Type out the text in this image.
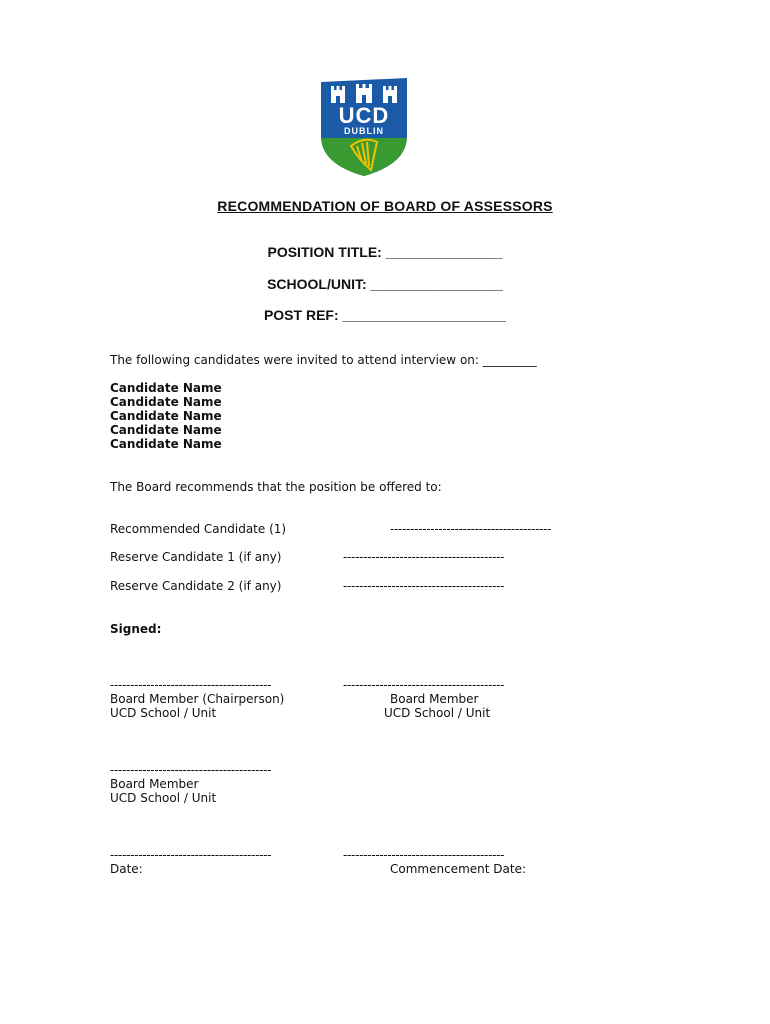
UCD
DUBLIN
RECOMMENDATION OF BOARD OF ASSESSORS
POSITION TITLE: _______________
SCHOOL/UNIT: _________________
POST REF: _____________________
The following candidates were invited to attend interview on: _________
Candidate Name
Candidate Name
Candidate Name
Candidate Name
Candidate Name
The Board recommends that the position be offered to:
Recommended Candidate (1)	----------------------------------------
Reserve Candidate 1 (if any)	----------------------------------------
Reserve Candidate 2 (if any)	----------------------------------------
Signed:
----------------------------------------
Board Member (Chairperson)
UCD School / Unit
----------------------------------------
Board Member
UCD School / Unit
----------------------------------------
Board Member
UCD School / Unit
----------------------------------------
Date:
----------------------------------------
Commencement Date:
